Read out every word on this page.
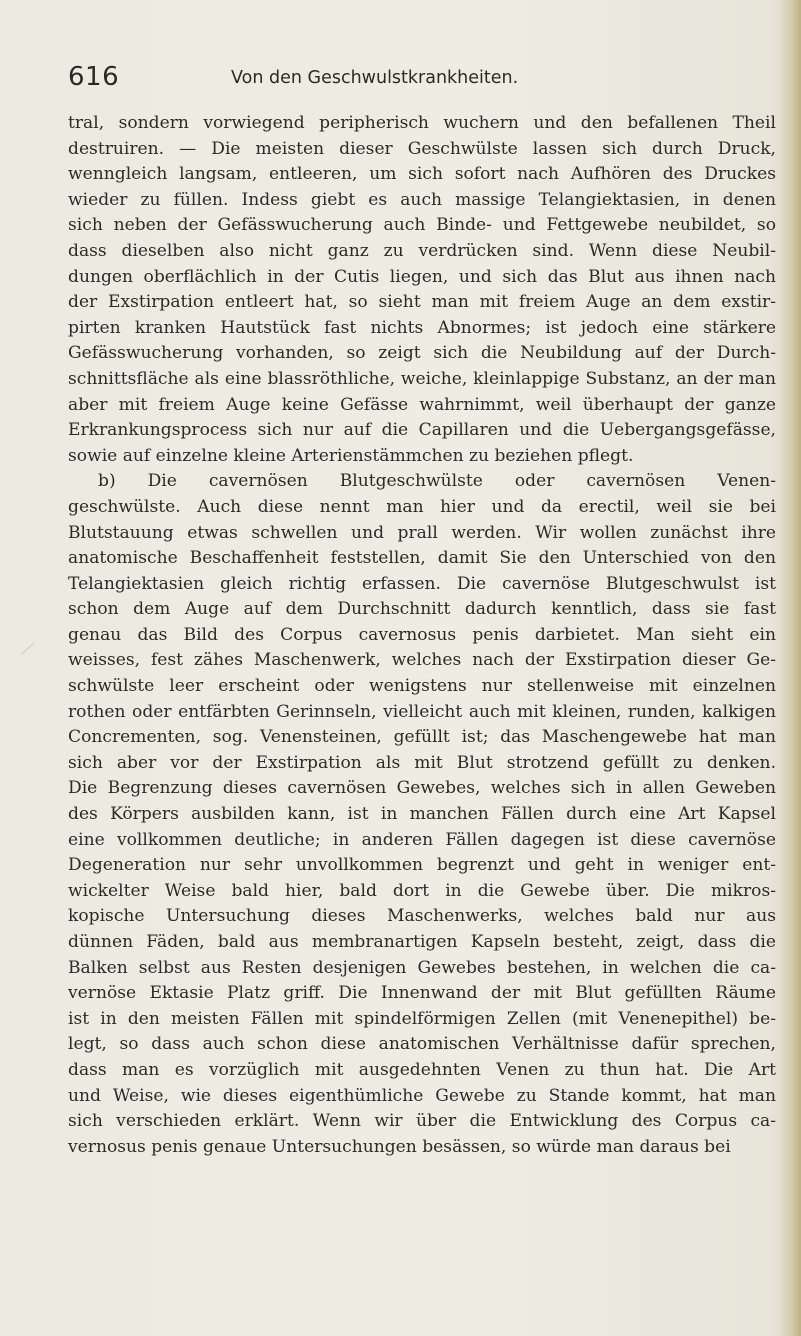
616	Von den Geschwulstkrankheiten.
tral, sondern vorwiegend peripherisch wuchern und den befallenen Theil
destruiren. — Die meisten dieser Geschwülste lassen sich durch Druck,
wenngleich langsam, entleeren, um sich sofort nach Aufhören des Druckes
wieder zu füllen. Indess giebt es auch massige Telangiektasien, in denen
sich neben der Gefässwucherung auch Binde- und Fettgewebe neubildet, so
dass dieselben also nicht ganz zu verdrücken sind. Wenn diese Neubil-
dungen oberflächlich in der Cutis liegen, und sich das Blut aus ihnen nach
der Exstirpation entleert hat, so sieht man mit freiem Auge an dem exstir-
pirten kranken Hautstück fast nichts Abnormes; ist jedoch eine stärkere
Gefässwucherung vorhanden, so zeigt sich die Neubildung auf der Durch-
schnittsfläche als eine blassröthliche, weiche, kleinlappige Substanz, an der man
aber mit freiem Auge keine Gefässe wahrnimmt, weil überhaupt der ganze
Erkrankungsprocess sich nur auf die Capillaren und die Uebergangsgefässe,
sowie auf einzelne kleine Arterienstämmchen zu beziehen pflegt.
b) Die cavernösen Blutgeschwülste oder cavernösen Venen-
geschwülste. Auch diese nennt man hier und da erectil, weil sie bei
Blutstauung etwas schwellen und prall werden. Wir wollen zunächst ihre
anatomische Beschaffenheit feststellen, damit Sie den Unterschied von den
Telangiektasien gleich richtig erfassen. Die cavernöse Blutgeschwulst ist
schon dem Auge auf dem Durchschnitt dadurch kenntlich, dass sie fast
genau das Bild des Corpus cavernosus penis darbietet. Man sieht ein
weisses, fest zähes Maschenwerk, welches nach der Exstirpation dieser Ge-
schwülste leer erscheint oder wenigstens nur stellenweise mit einzelnen
rothen oder entfärbten Gerinnseln, vielleicht auch mit kleinen, runden, kalkigen
Concrementen, sog. Venensteinen, gefüllt ist; das Maschengewebe hat man
sich aber vor der Exstirpation als mit Blut strotzend gefüllt zu denken.
Die Begrenzung dieses cavernösen Gewebes, welches sich in allen Geweben
des Körpers ausbilden kann, ist in manchen Fällen durch eine Art Kapsel
eine vollkommen deutliche; in anderen Fällen dagegen ist diese cavernöse
Degeneration nur sehr unvollkommen begrenzt und geht in weniger ent-
wickelter Weise bald hier, bald dort in die Gewebe über. Die mikros-
kopische Untersuchung dieses Maschenwerks, welches bald nur aus
dünnen Fäden, bald aus membranartigen Kapseln besteht, zeigt, dass die
Balken selbst aus Resten desjenigen Gewebes bestehen, in welchen die ca-
vernöse Ektasie Platz griff. Die Innenwand der mit Blut gefüllten Räume
ist in den meisten Fällen mit spindelförmigen Zellen (mit Venenepithel) be-
legt, so dass auch schon diese anatomischen Verhältnisse dafür sprechen,
dass man es vorzüglich mit ausgedehnten Venen zu thun hat. Die Art
und Weise, wie dieses eigenthümliche Gewebe zu Stande kommt, hat man
sich verschieden erklärt. Wenn wir über die Entwicklung des Corpus ca-
vernosus penis genaue Untersuchungen besässen, so würde man daraus bei
